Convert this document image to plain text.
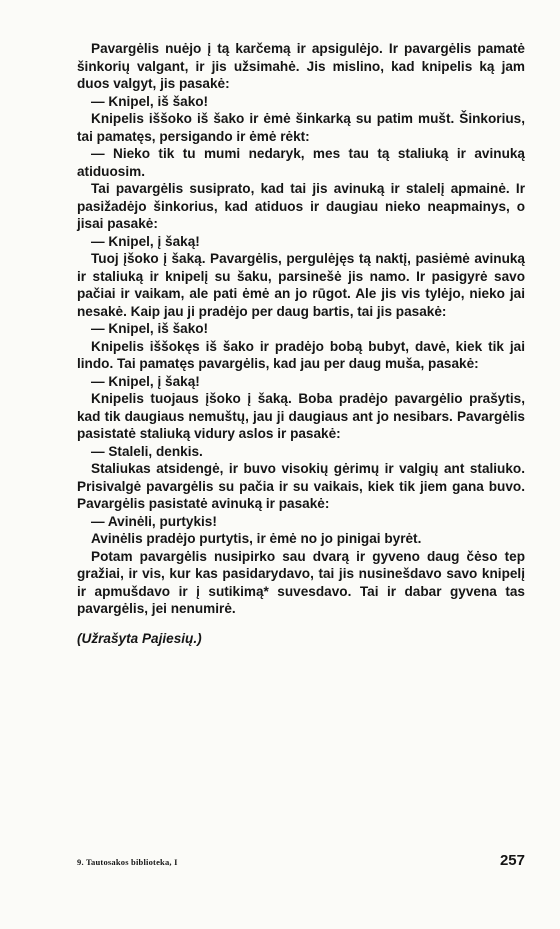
Pavargėlis nuėjo į tą karčemą ir apsigulėjo. Ir pavargėlis pamatė šinkorių valgant, ir jis užsimahė. Jis mislino, kad knipelis ką jam duos valgyt, jis pasakė:

— Knipel, iš šako!

Knipelis iššoko iš šako ir ėmė šinkarką su patim mušt. Šinkorius, tai pamatęs, persigando ir ėmė rėkt:

— Nieko tik tu mumi nedaryk, mes tau tą staliuką ir avinuką atiduosim.

Tai pavargėlis susiprato, kad tai jis avinuką ir stalelį apmainė. Ir pasižadėjo šinkorius, kad atiduos ir daugiau nieko neapmainys, o jisai pasakė:

— Knipel, į šaką!

Tuoj įšoko į šaką. Pavargėlis, pergulėjęs tą naktį, pasiėmė avinuką ir staliuką ir knipelį su šaku, parsinešė jis namo. Ir pasigyrė savo pačiai ir vaikam, ale pati ėmė an jo rūgot. Ale jis vis tylėjo, nieko jai nesakė. Kaip jau ji pradėjo per daug bartis, tai jis pasakė:

— Knipel, iš šako!

Knipelis iššokęs iš šako ir pradėjo bobą bubyt, davė, kiek tik jai lindo. Tai pamatęs pavargėlis, kad jau per daug muša, pasakė:

— Knipel, į šaką!

Knipelis tuojaus įšoko į šaką. Boba pradėjo pavargėlio prašytis, kad tik daugiaus nemuštų, jau ji daugiaus ant jo nesibars. Pavargėlis pasistatė staliuką vidury aslos ir pasakė:

— Staleli, denkis.

Staliukas atsidengė, ir buvo visokių gėrimų ir valgių ant staliuko. Prisivalgė pavargėlis su pačia ir su vaikais, kiek tik jiem gana buvo. Pavargėlis pasistatė avinuką ir pasakė:

— Avinėli, purtykis!

Avinėlis pradėjo purtytis, ir ėmė no jo pinigai byrėt.

Potam pavargėlis nusipirko sau dvarą ir gyveno daug čėso tep gražiai, ir vis, kur kas pasidarydavo, tai jis nusinešdavo savo knipelį ir apmušdavo ir į sutikimą* suvesdavo. Tai ir dabar gyvena tas pavargėlis, jei nenumirė.

(Užrašyta Pajiesių.)

9. Tautosakos biblioteka, I	257
